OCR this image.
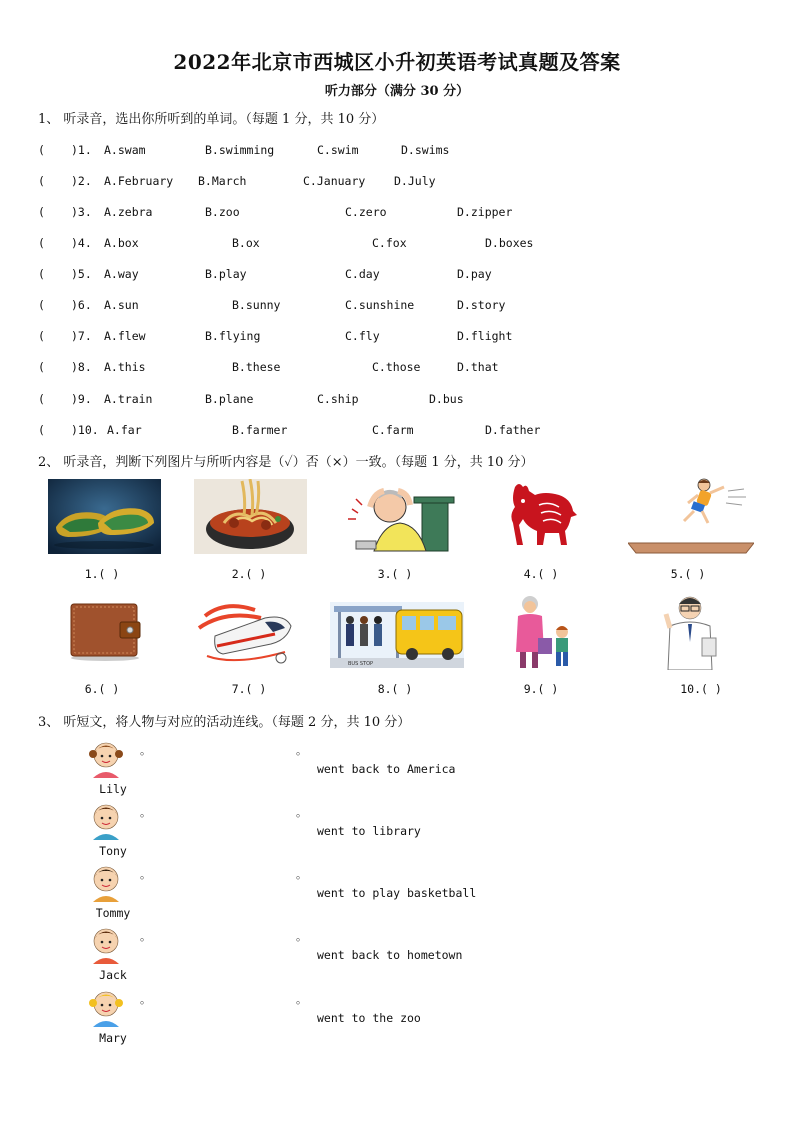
2022年北京市西城区小升初英语考试真题及答案
听力部分（满分 30 分）
1、 听录音，选出你所听到的单词。（每题 1 分，共 10 分）
( )1. A.swam	B.swimming	C.swim	D.swims
( )2. A.February B.March	C.January D.July
( )3. A.zebra	B.zoo	C.zero	D.zipper
( )4. A.box	B.ox	C.fox	D.boxes
( )5. A.way	B.play	C.day	D.pay
( )6. A.sun	B.sunny	C.sunshine	D.story
( )7. A.flew	B.flying	C.fly	D.flight
( )8. A.this	B.these	C.those	D.that
( )9. A.train	B.plane	C.ship	D.bus
( )10. A.far	B.farmer	C.farm	D.father
2、 听录音，判断下列图片与所听内容是（✓）否（×）一致。（每题 1 分，共 10 分）
1.( )	2.( )	3.( )	4.( )	5.( )
BUS STOP
6.( )	7.( )	8.( )	9.( )	10.( )
3、 听短文，将人物与对应的活动连线。（每题 2 分，共 10 分）
Lily
。	。
went back to America
Tony
。	。
went to library
Tommy
。	。
went to play basketball
Jack
。	。
went back to hometown
Mary
。	。
went to the zoo
